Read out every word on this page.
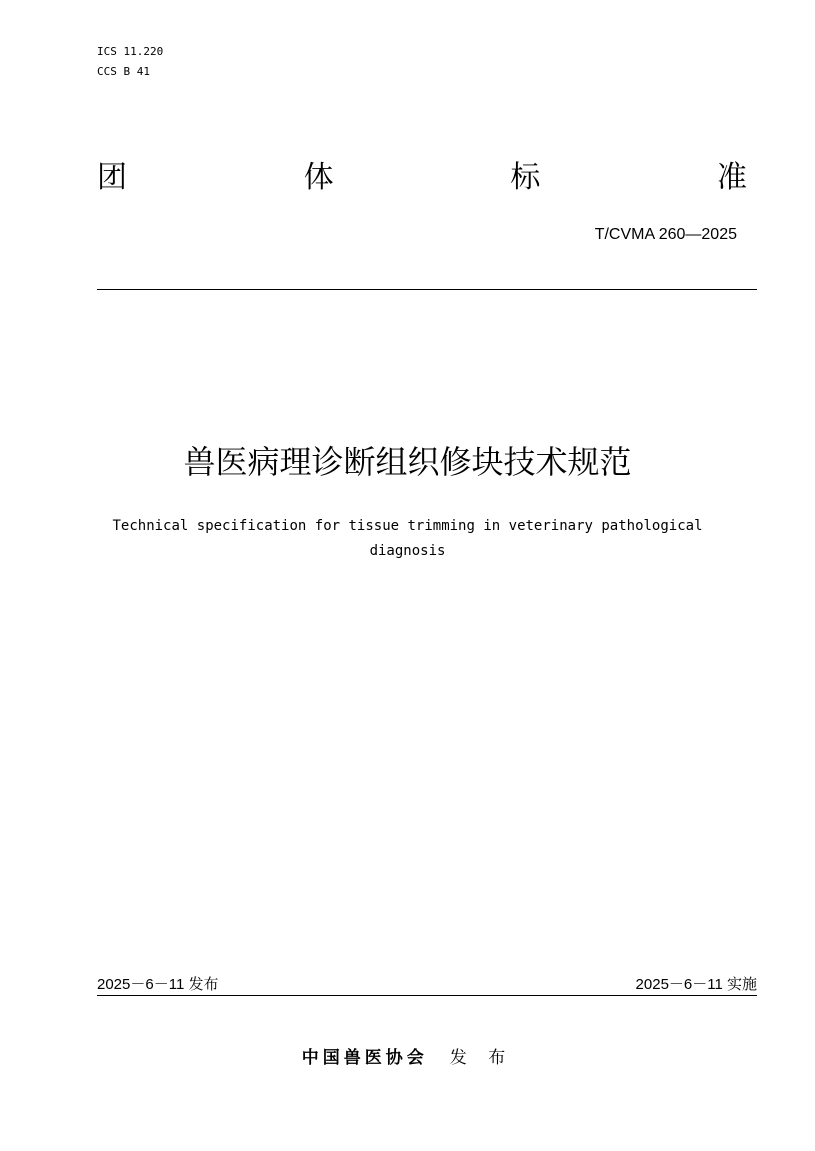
ICS 11.220
CCS B 41
团	体	标	准
T/CVMA 260—2025
兽医病理诊断组织修块技术规范
Technical specification for tissue trimming in veterinary pathological
diagnosis
2025－6－11 发布	2025－6－11 实施
中国兽医协会 发 布
